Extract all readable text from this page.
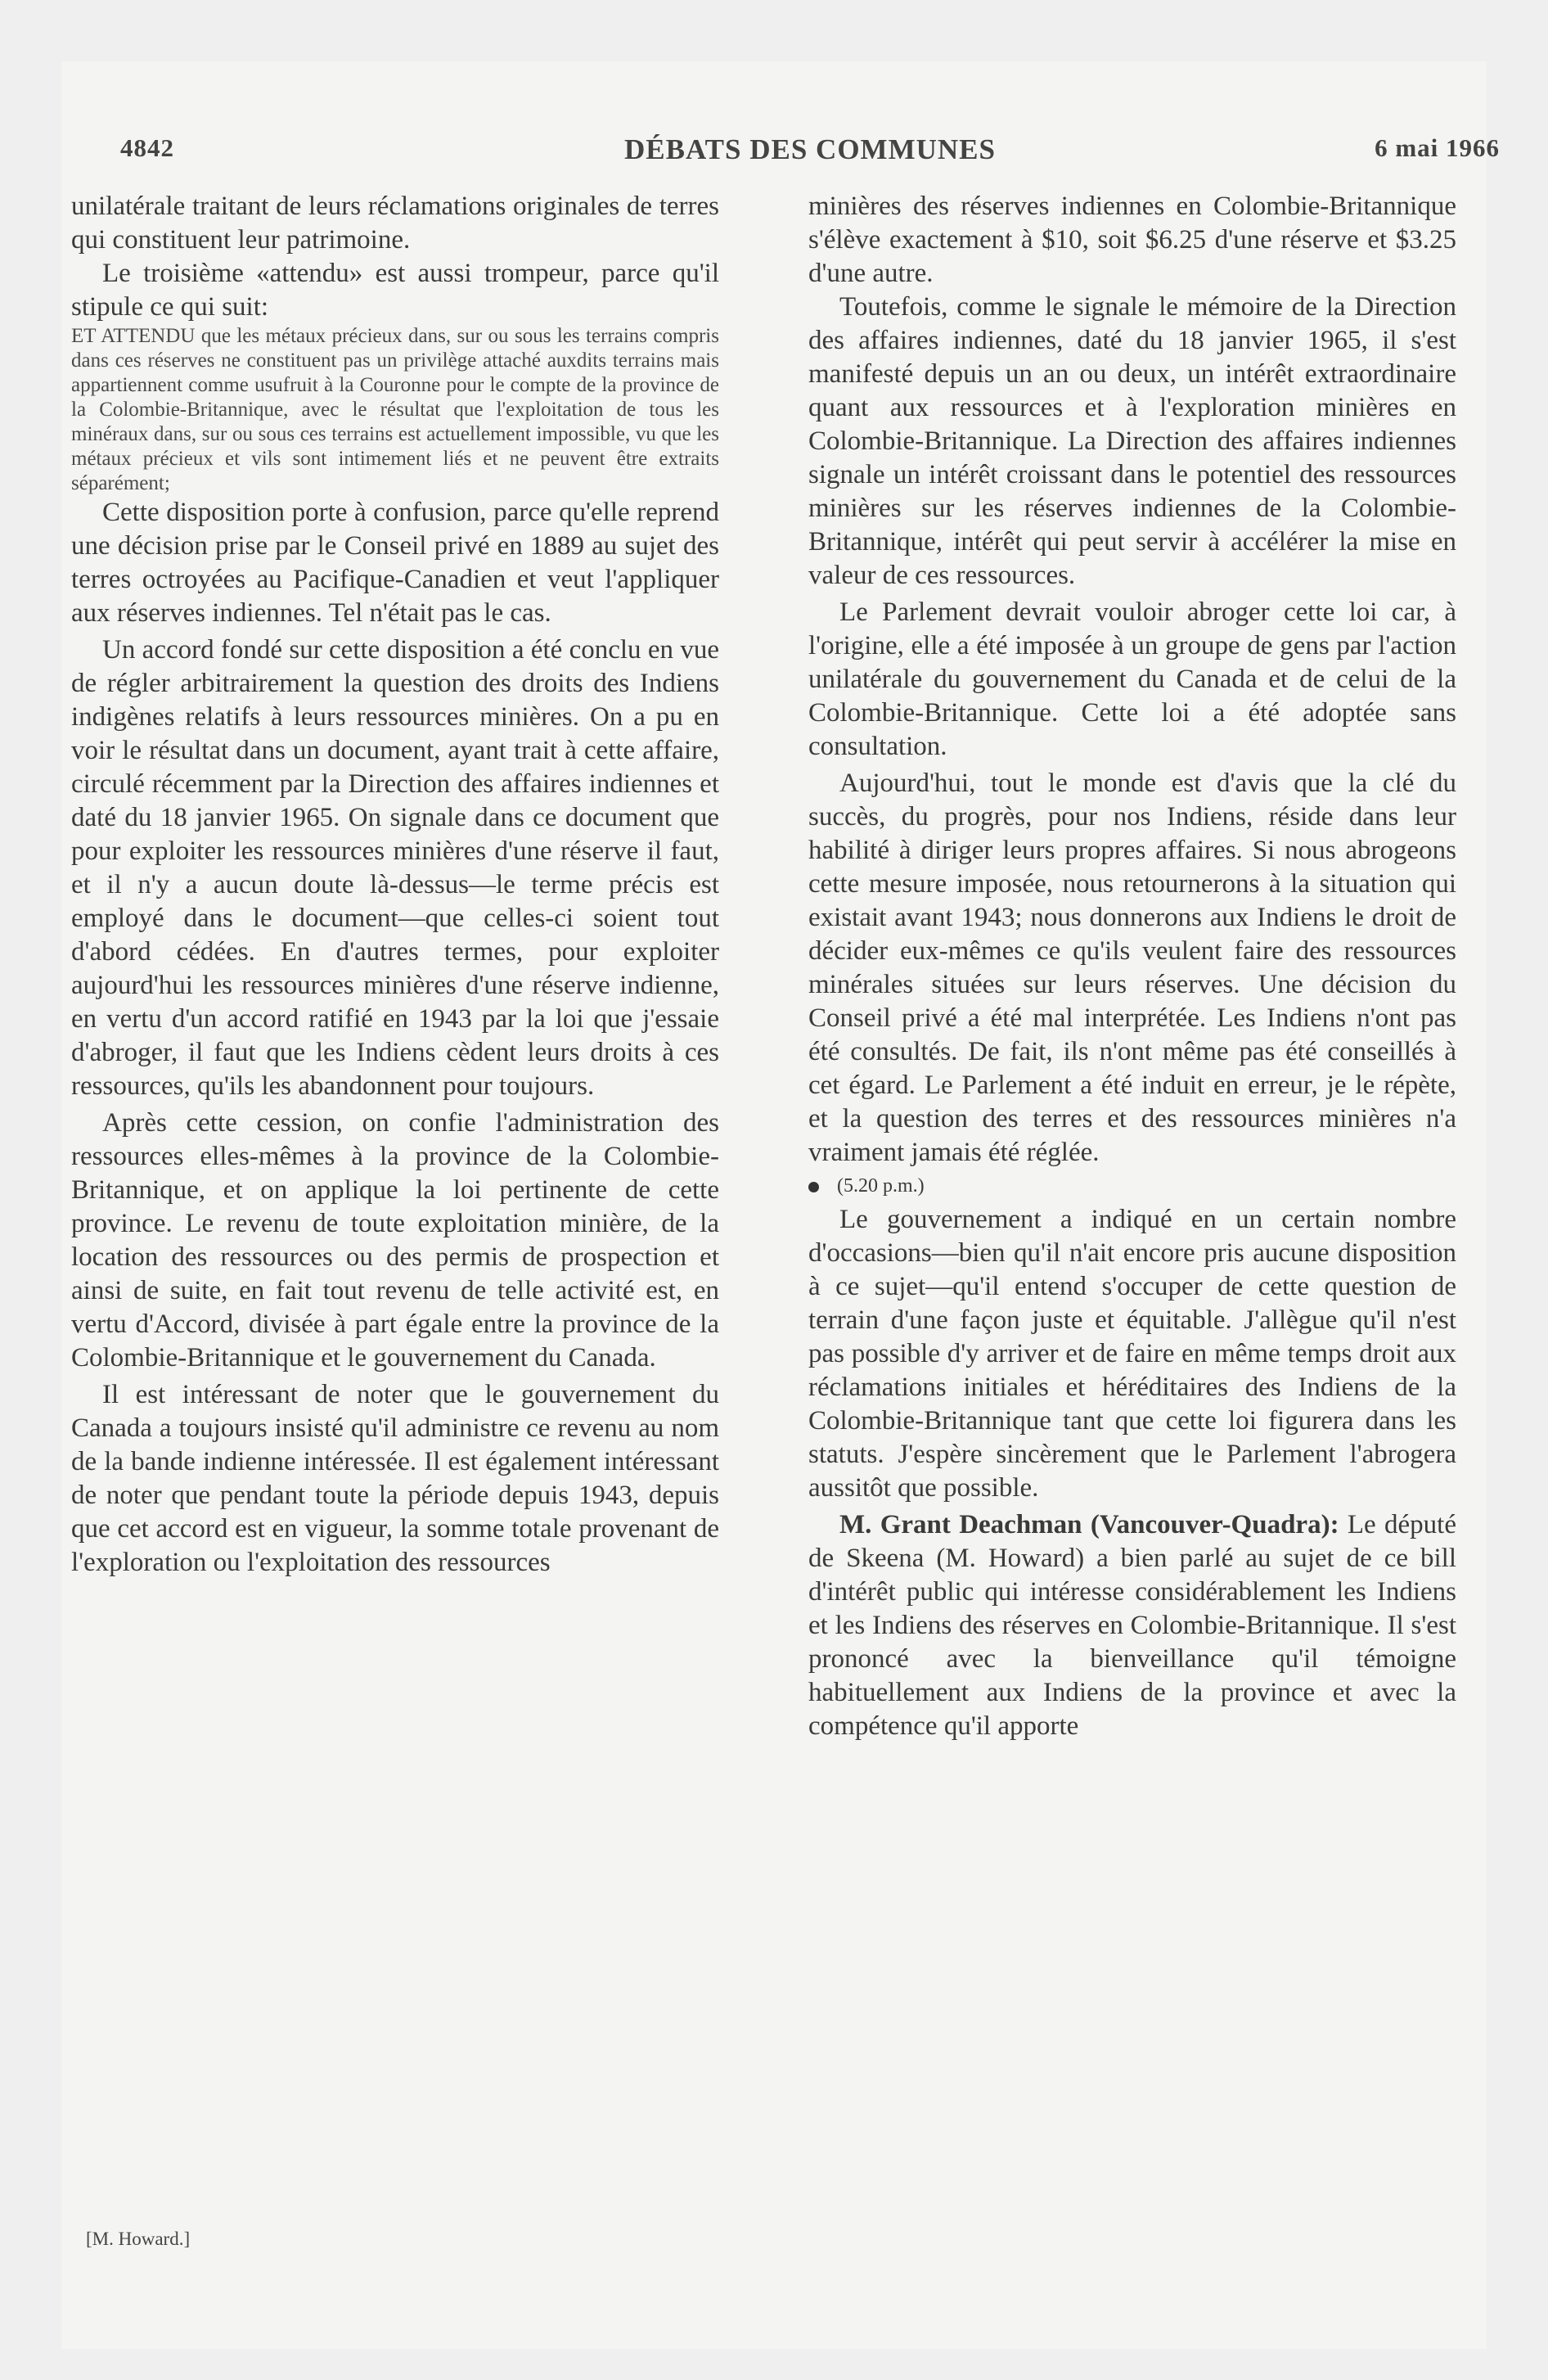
4842	DÉBATS DES COMMUNES	6 mai 1966

unilatérale traitant de leurs réclamations originales de terres qui constituent leur patrimoine.

Le troisième «attendu» est aussi trompeur, parce qu'il stipule ce qui suit:

ET ATTENDU que les métaux précieux dans, sur ou sous les terrains compris dans ces réserves ne constituent pas un privilège attaché auxdits terrains mais appartiennent comme usufruit à la Couronne pour le compte de la province de la Colombie-Britannique, avec le résultat que l'exploitation de tous les minéraux dans, sur ou sous ces terrains est actuellement impossible, vu que les métaux précieux et vils sont intimement liés et ne peuvent être extraits séparément;

Cette disposition porte à confusion, parce qu'elle reprend une décision prise par le Conseil privé en 1889 au sujet des terres octroyées au Pacifique-Canadien et veut l'appliquer aux réserves indiennes. Tel n'était pas le cas.

Un accord fondé sur cette disposition a été conclu en vue de régler arbitrairement la question des droits des Indiens indigènes relatifs à leurs ressources minières. On a pu en voir le résultat dans un document, ayant trait à cette affaire, circulé récemment par la Direction des affaires indiennes et daté du 18 janvier 1965. On signale dans ce document que pour exploiter les ressources minières d'une réserve il faut, et il n'y a aucun doute là-dessus—le terme précis est employé dans le document—que celles-ci soient tout d'abord cédées. En d'autres termes, pour exploiter aujourd'hui les ressources minières d'une réserve indienne, en vertu d'un accord ratifié en 1943 par la loi que j'essaie d'abroger, il faut que les Indiens cèdent leurs droits à ces ressources, qu'ils les abandonnent pour toujours.

Après cette cession, on confie l'administration des ressources elles-mêmes à la province de la Colombie-Britannique, et on applique la loi pertinente de cette province. Le revenu de toute exploitation minière, de la location des ressources ou des permis de prospection et ainsi de suite, en fait tout revenu de telle activité est, en vertu d'Accord, divisée à part égale entre la province de la Colombie-Britannique et le gouvernement du Canada.

Il est intéressant de noter que le gouvernement du Canada a toujours insisté qu'il administre ce revenu au nom de la bande indienne intéressée. Il est également intéressant de noter que pendant toute la période depuis 1943, depuis que cet accord est en vigueur, la somme totale provenant de l'exploration ou l'exploitation des ressources

[M. Howard.]

minières des réserves indiennes en Colombie-Britannique s'élève exactement à $10, soit $6.25 d'une réserve et $3.25 d'une autre.

Toutefois, comme le signale le mémoire de la Direction des affaires indiennes, daté du 18 janvier 1965, il s'est manifesté depuis un an ou deux, un intérêt extraordinaire quant aux ressources et à l'exploration minières en Colombie-Britannique. La Direction des affaires indiennes signale un intérêt croissant dans le potentiel des ressources minières sur les réserves indiennes de la Colombie-Britannique, intérêt qui peut servir à accélérer la mise en valeur de ces ressources.

Le Parlement devrait vouloir abroger cette loi car, à l'origine, elle a été imposée à un groupe de gens par l'action unilatérale du gouvernement du Canada et de celui de la Colombie-Britannique. Cette loi a été adoptée sans consultation.

Aujourd'hui, tout le monde est d'avis que la clé du succès, du progrès, pour nos Indiens, réside dans leur habilité à diriger leurs propres affaires. Si nous abrogeons cette mesure imposée, nous retournerons à la situation qui existait avant 1943; nous donnerons aux Indiens le droit de décider eux-mêmes ce qu'ils veulent faire des ressources minérales situées sur leurs réserves. Une décision du Conseil privé a été mal interprétée. Les Indiens n'ont pas été consultés. De fait, ils n'ont même pas été conseillés à cet égard. Le Parlement a été induit en erreur, je le répète, et la question des terres et des ressources minières n'a vraiment jamais été réglée.

(5.20 p.m.)

Le gouvernement a indiqué en un certain nombre d'occasions—bien qu'il n'ait encore pris aucune disposition à ce sujet—qu'il entend s'occuper de cette question de terrain d'une façon juste et équitable. J'allègue qu'il n'est pas possible d'y arriver et de faire en même temps droit aux réclamations initiales et héréditaires des Indiens de la Colombie-Britannique tant que cette loi figurera dans les statuts. J'espère sincèrement que le Parlement l'abrogera aussitôt que possible.

M. Grant Deachman (Vancouver-Quadra): Le député de Skeena (M. Howard) a bien parlé au sujet de ce bill d'intérêt public qui intéresse considérablement les Indiens et les Indiens des réserves en Colombie-Britannique. Il s'est prononcé avec la bienveillance qu'il témoigne habituellement aux Indiens de la province et avec la compétence qu'il apporte
